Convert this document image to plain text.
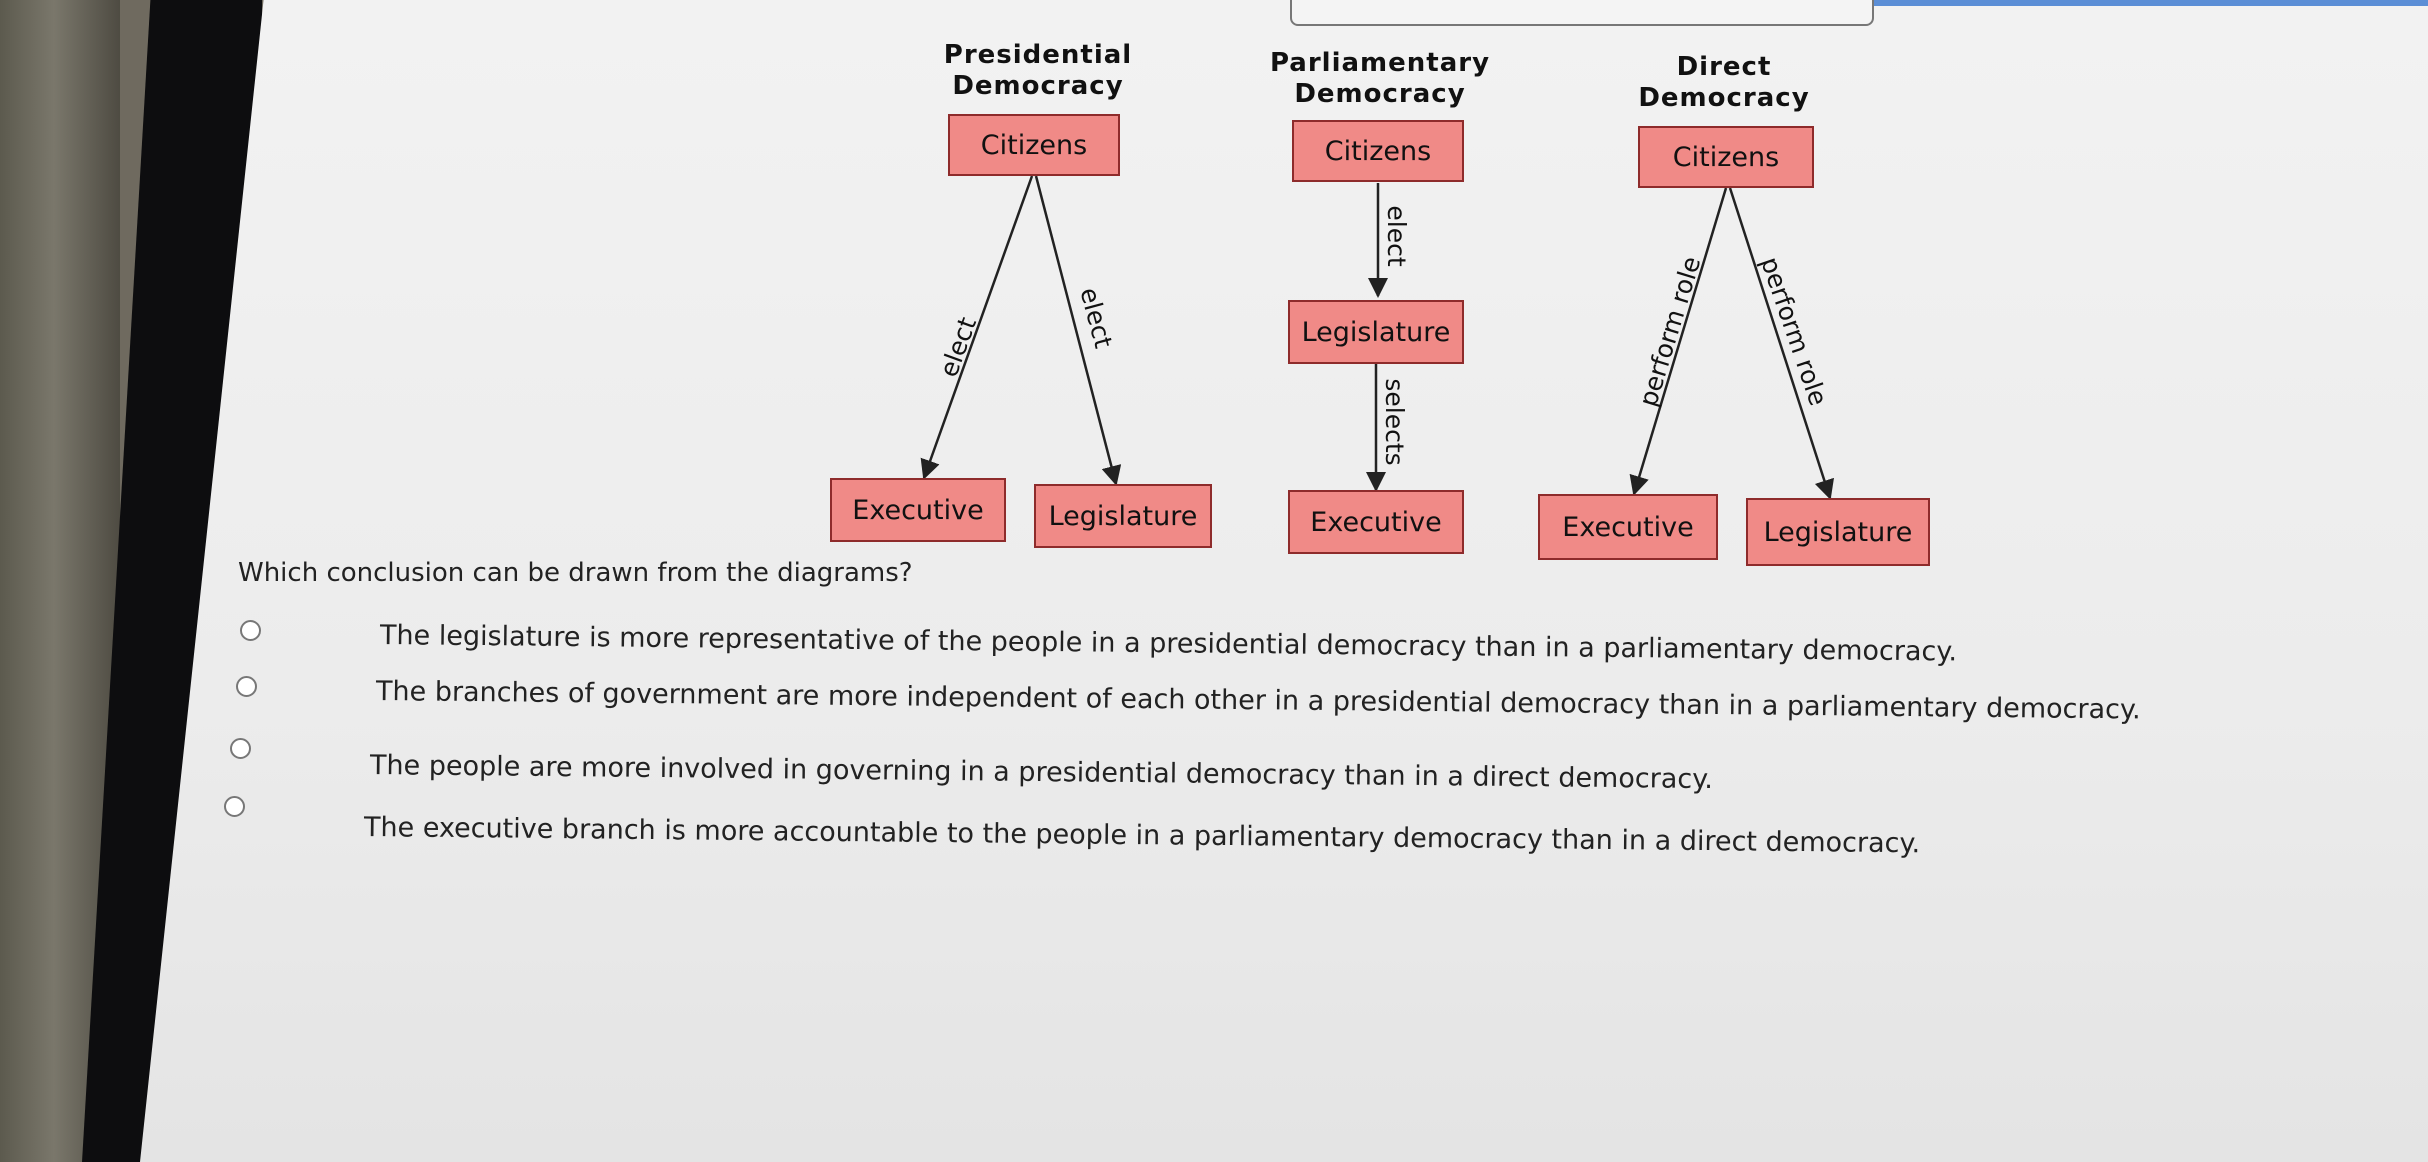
elect	elect
elect
selects
perform role perform role
Presidential
Democracy
Citizens
Executive	Legislature
Parliamentary
Democracy
Citizens
Legislature
Executive
Direct
Democracy
Citizens
Executive	Legislature
Which conclusion can be drawn from the diagrams?
The legislature is more representative of the people in a presidential democracy than in a parliamentary democracy.
The branches of government are more independent of each other in a presidential democracy than in a parliamentary democracy.
The people are more involved in governing in a presidential democracy than in a direct democracy.
The executive branch is more accountable to the people in a parliamentary democracy than in a direct democracy.
